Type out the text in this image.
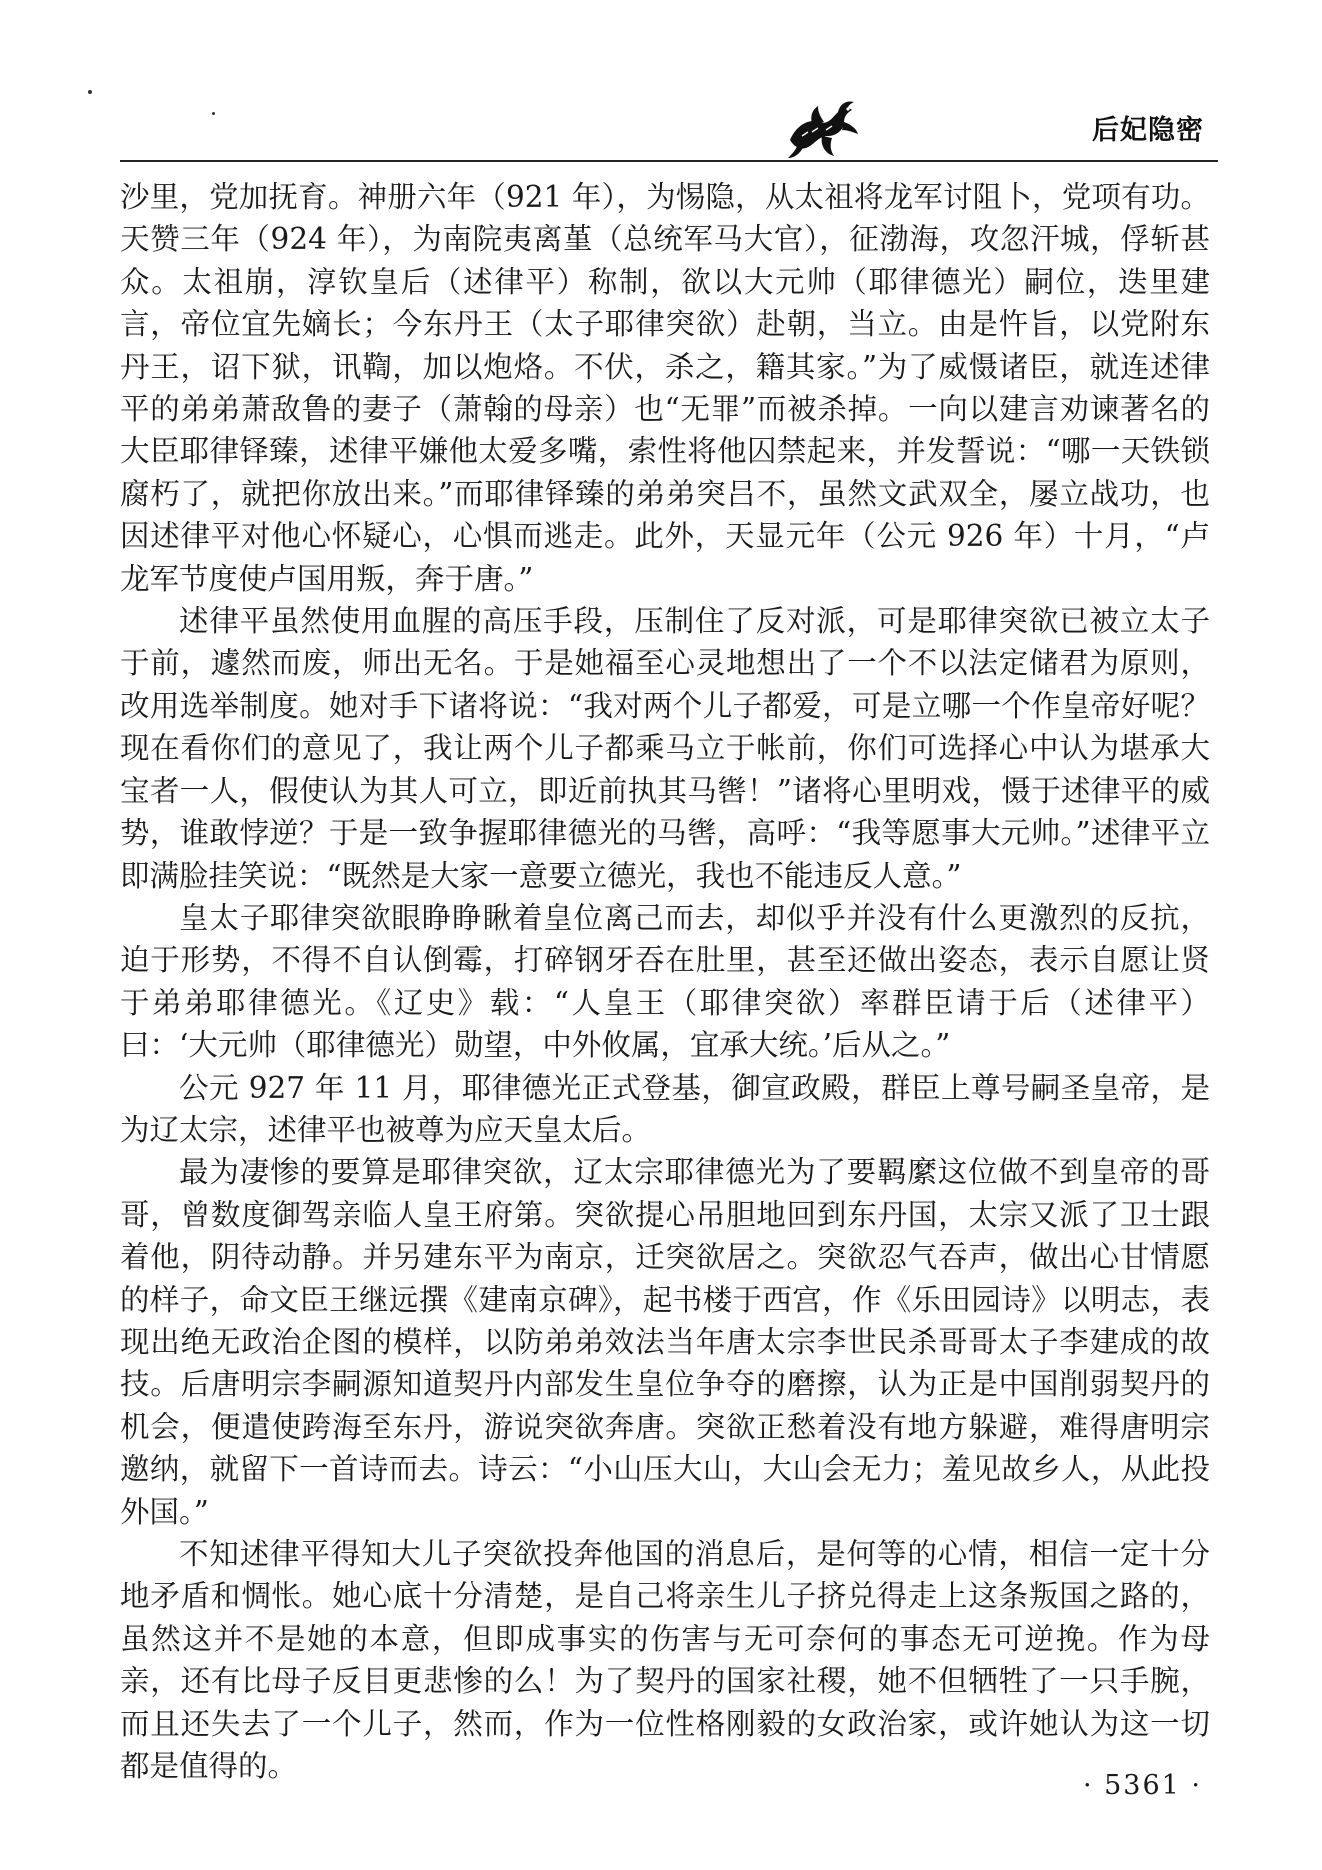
后妃隐密

沙里，党加抚育。神册六年（921 年），为惕隐，从太祖将龙军讨阻卜，党项有功。天赞三年（924 年），为南院夷离堇（总统军马大官），征渤海，攻忽汗城，俘斩甚众。太祖崩，淳钦皇后（述律平）称制，欲以大元帅（耶律德光）嗣位，迭里建言，帝位宜先嫡长；今东丹王（太子耶律突欲）赴朝，当立。由是忤旨，以党附东丹王，诏下狱，讯鞫，加以炮烙。不伏，杀之，籍其家。”为了威慑诸臣，就连述律平的弟弟萧敌鲁的妻子（萧翰的母亲）也“无罪”而被杀掉。一向以建言劝谏著名的大臣耶律铎臻，述律平嫌他太爱多嘴，索性将他囚禁起来，并发誓说：“哪一天铁锁腐朽了，就把你放出来。”而耶律铎臻的弟弟突吕不，虽然文武双全，屡立战功，也因述律平对他心怀疑心，心惧而逃走。此外，天显元年（公元 926 年）十月，“卢龙军节度使卢国用叛，奔于唐。”

述律平虽然使用血腥的高压手段，压制住了反对派，可是耶律突欲已被立太子于前，遽然而废，师出无名。于是她福至心灵地想出了一个不以法定储君为原则，改用选举制度。她对手下诸将说：“我对两个儿子都爱，可是立哪一个作皇帝好呢？现在看你们的意见了，我让两个儿子都乘马立于帐前，你们可选择心中认为堪承大宝者一人，假使认为其人可立，即近前执其马辔！”诸将心里明戏，慑于述律平的威势，谁敢悖逆？于是一致争握耶律德光的马辔，高呼：“我等愿事大元帅。”述律平立即满脸挂笑说：“既然是大家一意要立德光，我也不能违反人意。”

皇太子耶律突欲眼睁睁瞅着皇位离己而去，却似乎并没有什么更激烈的反抗，迫于形势，不得不自认倒霉，打碎钢牙吞在肚里，甚至还做出姿态，表示自愿让贤于弟弟耶律德光。《辽史》载：“人皇王（耶律突欲）率群臣请于后（述律平）曰：‘大元帅（耶律德光）勋望，中外攸属，宜承大统。’后从之。”

公元 927 年 11 月，耶律德光正式登基，御宣政殿，群臣上尊号嗣圣皇帝，是为辽太宗，述律平也被尊为应天皇太后。

最为凄惨的要算是耶律突欲，辽太宗耶律德光为了要羁縻这位做不到皇帝的哥哥，曾数度御驾亲临人皇王府第。突欲提心吊胆地回到东丹国，太宗又派了卫士跟着他，阴待动静。并另建东平为南京，迁突欲居之。突欲忍气吞声，做出心甘情愿的样子，命文臣王继远撰《建南京碑》，起书楼于西宫，作《乐田园诗》以明志，表现出绝无政治企图的模样，以防弟弟效法当年唐太宗李世民杀哥哥太子李建成的故技。后唐明宗李嗣源知道契丹内部发生皇位争夺的磨擦，认为正是中国削弱契丹的机会，便遣使跨海至东丹，游说突欲奔唐。突欲正愁着没有地方躲避，难得唐明宗邀纳，就留下一首诗而去。诗云：“小山压大山，大山会无力；羞见故乡人，从此投外国。”

不知述律平得知大儿子突欲投奔他国的消息后，是何等的心情，相信一定十分地矛盾和惆怅。她心底十分清楚，是自己将亲生儿子挤兑得走上这条叛国之路的，虽然这并不是她的本意，但即成事实的伤害与无可奈何的事态无可逆挽。作为母亲，还有比母子反目更悲惨的么！为了契丹的国家社稷，她不但牺牲了一只手腕，而且还失去了一个儿子，然而，作为一位性格刚毅的女政治家，或许她认为这一切都是值得的。

· 5361 ·
